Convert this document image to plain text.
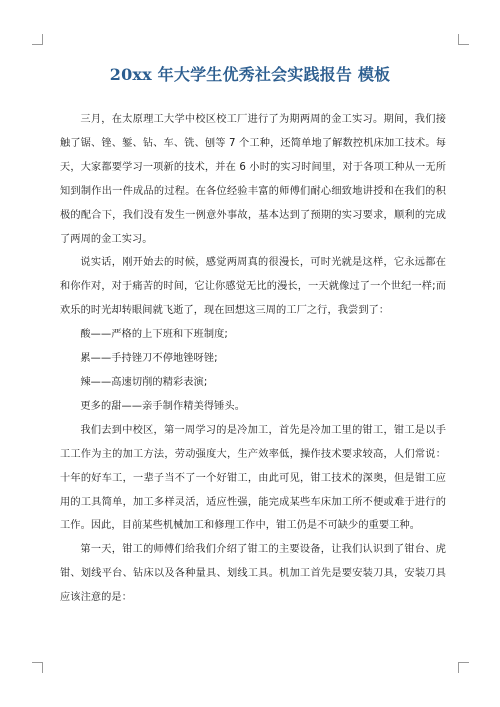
20xx 年大学生优秀社会实践报告 模板

三月，在太原理工大学中校区校工厂进行了为期两周的金工实习。期间，我们接触了锯、锉、錾、钻、车、铣、刨等 7 个工种，还简单地了解数控机床加工技术。每天，大家都要学习一项新的技术，并在 6 小时的实习时间里，对于各项工种从一无所知到制作出一件成品的过程。在各位经验丰富的师傅们耐心细致地讲授和在我们的积极的配合下，我们没有发生一例意外事故，基本达到了预期的实习要求，顺利的完成了两周的金工实习。

说实话，刚开始去的时候，感觉两周真的很漫长，可时光就是这样，它永远都在和你作对，对于痛苦的时间，它让你感觉无比的漫长，一天就像过了一个世纪一样;而欢乐的时光却转眼间就飞逝了，现在回想这三周的工厂之行，我尝到了：

酸——严格的上下班和下班制度;

累——手持锉刀不停地锉呀锉;

辣——高速切削的精彩表演;

更多的甜——亲手制作精美得锤头。

我们去到中校区，第一周学习的是冷加工，首先是冷加工里的钳工，钳工是以手工工作为主的加工方法，劳动强度大，生产效率低，操作技术要求较高，人们常说：十年的好车工，一辈子当不了一个好钳工，由此可见，钳工技术的深奥，但是钳工应用的工具简单，加工多样灵活，适应性强，能完成某些车床加工所不便或难于进行的工作。因此，目前某些机械加工和修理工作中，钳工仍是不可缺少的重要工种。

第一天，钳工的师傅们给我们介绍了钳工的主要设备，让我们认识到了钳台、虎钳、划线平台、钻床以及各种量具、划线工具。机加工首先是要安装刀具，安装刀具应该注意的是：
